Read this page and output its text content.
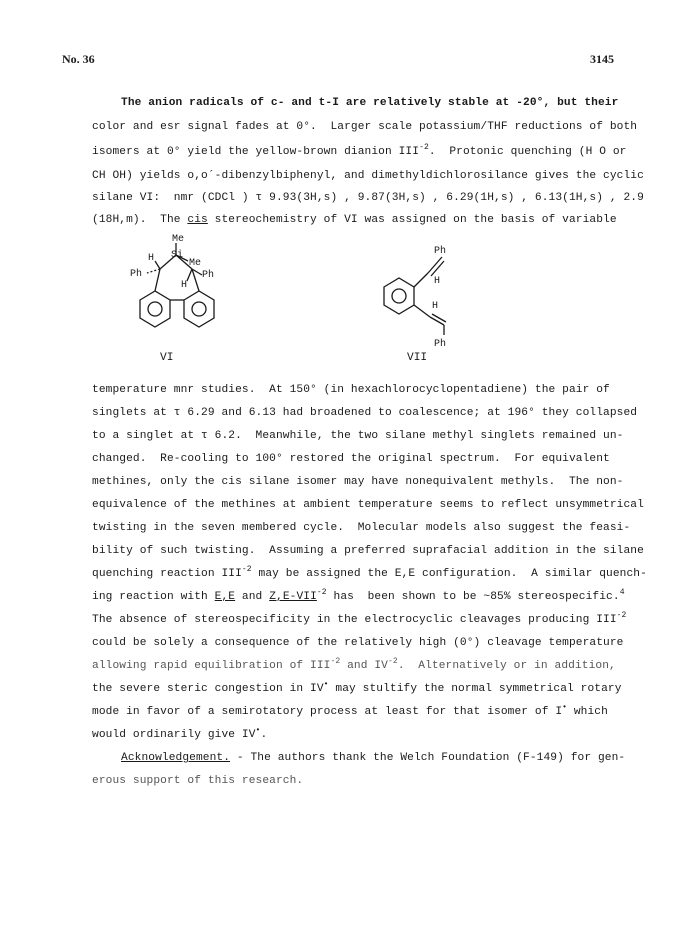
No. 36	3145
The anion radicals of c- and t-I are relatively stable at -20°, but their
color and esr signal fades at 0°.  Larger scale potassium/THF reductions of both
isomers at 0° yield the yellow-brown dianion $III^{-2}$.  Protonic quenching (H O or
CH OH) yields o,o´-dibenzylbiphenyl, and dimethyldichlorosilance gives the cyclic
silane VI:  nmr (CDCl ) τ 9.93(3H,s) , 9.87(3H,s) , 6.29(1H,s) , 6.13(1H,s) , 2.9
(18H,m).  The cis stereochemistry of VI was assigned on the basis of variable
Me
Si
Me
H
Ph	Ph
H
Ph
H
H
Ph
VI	VII
temperature mnr studies.  At 150° (in hexachlorocyclopentadiene) the pair of
singlets at τ 6.29 and 6.13 had broadened to coalescence; at 196° they collapsed
to a singlet at τ 6.2.  Meanwhile, the two silane methyl singlets remained un-
changed.  Re-cooling to 100° restored the original spectrum.  For equivalent
methines, only the cis silane isomer may have nonequivalent methyls.  The non-
equivalence of the methines at ambient temperature seems to reflect unsymmetrical
twisting in the seven membered cycle.  Molecular models also suggest the feasi-
bility of such twisting.  Assuming a preferred suprafacial addition in the silane
quenching reaction $III^{-2}$ may be assigned the E,E configuration.  A similar quench-
ing reaction with E,E and $Z,E-VII^{-2}$ has  been shown to be ~85% stereospecific.$^4$
The absence of stereospecificity in the electrocyclic cleavages producing $III^{-2}$
could be solely a consequence of the relatively high (0°) cleavage temperature
allowing rapid equilibration of $III^{-2}$ and $IV^{-2}$.  Alternatively or in addition,
the severe steric congestion in IV• may stultify the normal symmetrical rotary
mode in favor of a semirotatory process at least for that isomer of I• which
would ordinarily give IV•.
Acknowledgement. - The authors thank the Welch Foundation (F-149) for gen-
erous support of this research.
